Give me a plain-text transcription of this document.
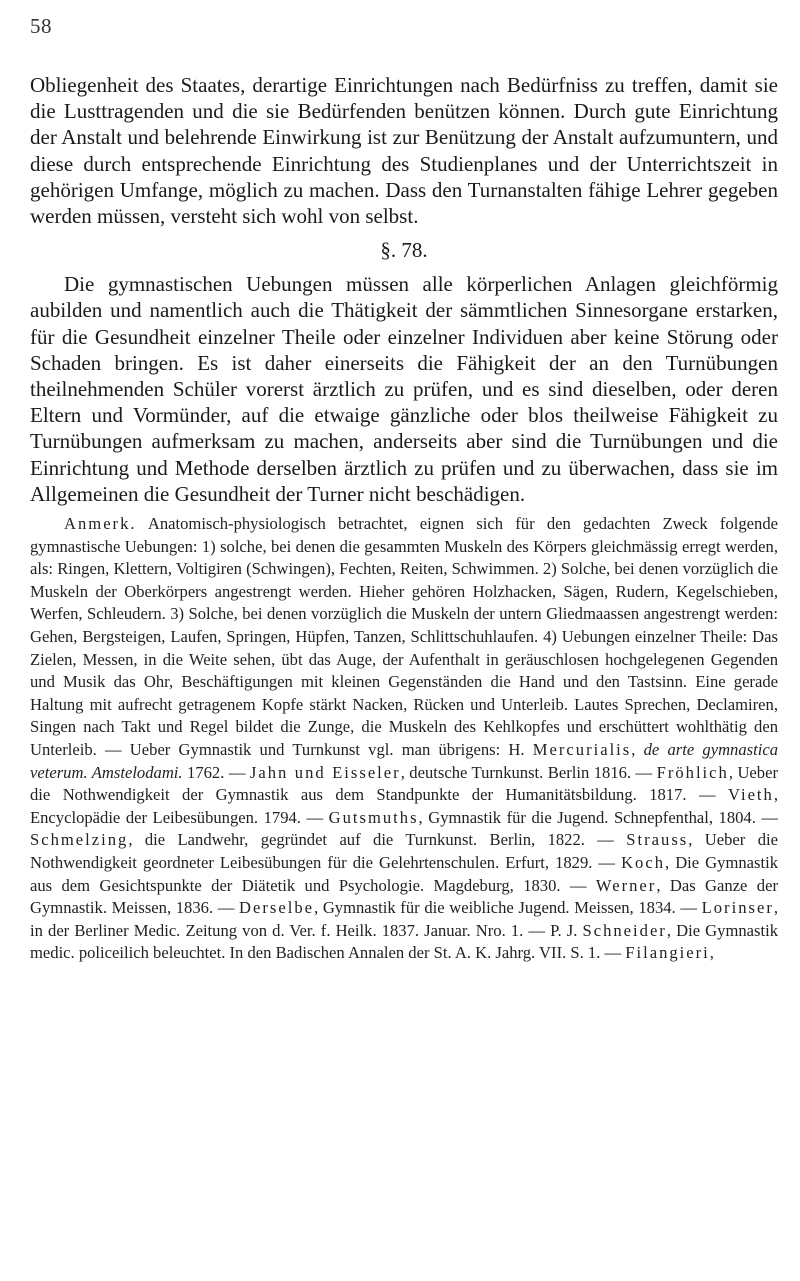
58

Obliegenheit des Staates, derartige Einrichtungen nach Bedürfniss zu treffen, damit sie die Lusttragenden und die sie Bedürfenden benützen können. Durch gute Einrichtung der Anstalt und belehrende Einwirkung ist zur Benützung der Anstalt aufzumuntern, und diese durch entsprechende Einrichtung des Studienplanes und der Unterrichtszeit in gehörigen Umfange, möglich zu machen. Dass den Turnanstalten fähige Lehrer gegeben werden müssen, versteht sich wohl von selbst.

§. 78.

Die gymnastischen Uebungen müssen alle körperlichen Anlagen gleichförmig aubilden und namentlich auch die Thätigkeit der sämmtlichen Sinnesorgane erstarken, für die Gesundheit einzelner Theile oder einzelner Individuen aber keine Störung oder Schaden bringen. Es ist daher einerseits die Fähigkeit der an den Turnübungen theilnehmenden Schüler vorerst ärztlich zu prüfen, und es sind dieselben, oder deren Eltern und Vormünder, auf die etwaige gänzliche oder blos theilweise Fähigkeit zu Turnübungen aufmerksam zu machen, anderseits aber sind die Turnübungen und die Einrichtung und Methode derselben ärztlich zu prüfen und zu überwachen, dass sie im Allgemeinen die Gesundheit der Turner nicht beschädigen.

Anmerk. Anatomisch-physiologisch betrachtet, eignen sich für den gedachten Zweck folgende gymnastische Uebungen: 1) solche, bei denen die gesammten Muskeln des Körpers gleichmässig erregt werden, als: Ringen, Klettern, Voltigiren (Schwingen), Fechten, Reiten, Schwimmen. 2) Solche, bei denen vorzüglich die Muskeln der Oberkörpers angestrengt werden. Hieher gehören Holzhacken, Sägen, Rudern, Kegelschieben, Werfen, Schleudern. 3) Solche, bei denen vorzüglich die Muskeln der untern Gliedmaassen angestrengt werden: Gehen, Bergsteigen, Laufen, Springen, Hüpfen, Tanzen, Schlittschuhlaufen. 4) Uebungen einzelner Theile: Das Zielen, Messen, in die Weite sehen, übt das Auge, der Aufenthalt in geräuschlosen hochgelegenen Gegenden und Musik das Ohr, Beschäftigungen mit kleinen Gegenständen die Hand und den Tastsinn. Eine gerade Haltung mit aufrecht getragenem Kopfe stärkt Nacken, Rücken und Unterleib. Lautes Sprechen, Declamiren, Singen nach Takt und Regel bildet die Zunge, die Muskeln des Kehlkopfes und erschüttert wohlthätig den Unterleib. — Ueber Gymnastik und Turnkunst vgl. man übrigens: H. Mercurialis, de arte gymnastica veterum. Amstelodami. 1762. — Jahn und Eisseler, deutsche Turnkunst. Berlin 1816. — Fröhlich, Ueber die Nothwendigkeit der Gymnastik aus dem Standpunkte der Humanitätsbildung. 1817. — Vieth, Encyclopädie der Leibesübungen. 1794. — Gutsmuths, Gymnastik für die Jugend. Schnepfenthal, 1804. — Schmelzing, die Landwehr, gegründet auf die Turnkunst. Berlin, 1822. — Strauss, Ueber die Nothwendigkeit geordneter Leibesübungen für die Gelehrtenschulen. Erfurt, 1829. — Koch, Die Gymnastik aus dem Gesichtspunkte der Diätetik und Psychologie. Magdeburg, 1830. — Werner, Das Ganze der Gymnastik. Meissen, 1836. — Derselbe, Gymnastik für die weibliche Jugend. Meissen, 1834. — Lorinser, in der Berliner Medic. Zeitung von d. Ver. f. Heilk. 1837. Januar. Nro. 1. — P. J. Schneider, Die Gymnastik medic. policeilich beleuchtet. In den Badischen Annalen der St. A. K. Jahrg. VII. S. 1. — Filangieri,
